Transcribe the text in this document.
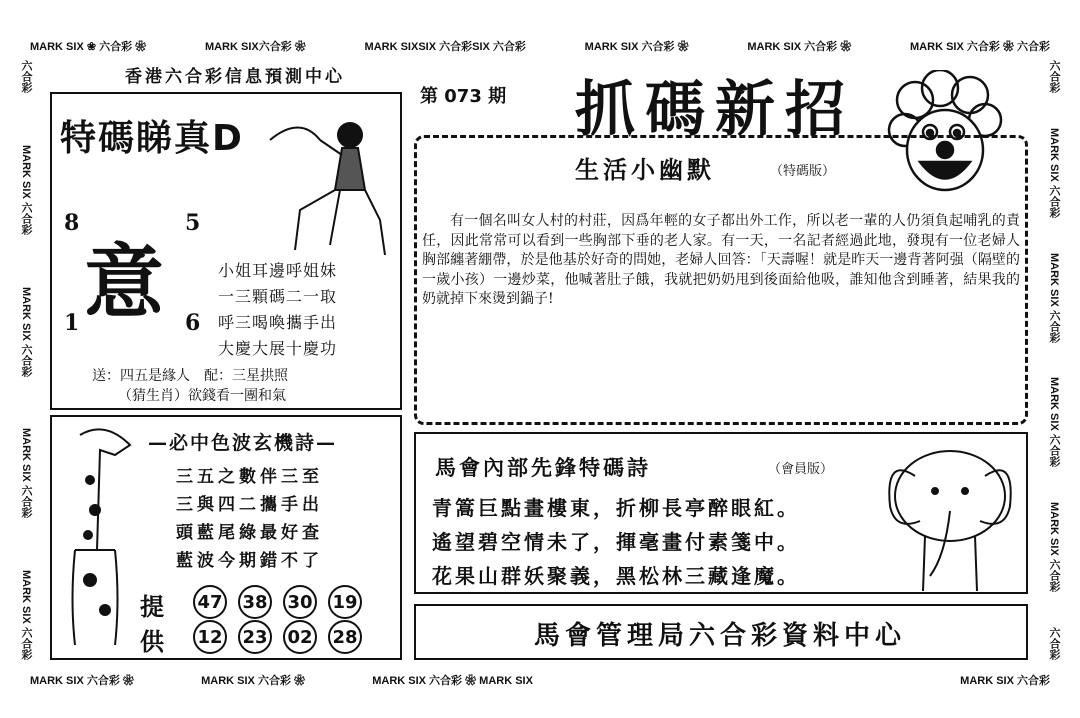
MARK SIX ❀ 六合彩 ❀	MARK SIX六合彩 ❀	MARK SIXSIX 六合彩SIX 六合彩	MARK SIX 六合彩 ❀	MARK SIX 六合彩 ❀	MARK SIX 六合彩 ❀ 六合彩
MARK SIX 六合彩 ❀	MARK SIX 六合彩 ❀	MARK SIX 六合彩 ❀ MARK SIX	MARK SIX 六合彩
六合彩
MARK SIX 六合彩
MARK SIX 六合彩
MARK SIX 六合彩
MARK SIX 六合彩
六合彩
MARK SIX 六合彩
MARK SIX 六合彩
MARK SIX 六合彩
MARK SIX 六合彩
六合彩
香港六合彩信息預測中心
第 073 期 抓碼新招
特碼睇真D
8	5
1	6
意	小姐耳邊呼姐妹
一三顆碼二一取
呼三喝喚攜手出
大慶大展十慶功
送：四五是緣人　配：三星拱照
（猜生肖）欲錢看一團和氣
生活小幽默	（特碼版）
有一個名叫女人村的村莊，因爲年輕的女子都出外工作，所以老一輩的人仍須負起哺乳的責任，因此常常可以看到一些胸部下垂的老人家。有一天，一名記者經過此地，發現有一位老婦人胸部纏著綳帶，於是他基於好奇的問她，老婦人回答：「天壽喔！就是昨天一邊背著阿强（隔壁的一歲小孩）一邊炒菜，他喊著肚子餓，我就把奶奶甩到後面給他吸，誰知他含到睡著，結果我的奶就掉下來燙到鍋子!
—必中色波玄機詩—
三五之數伴三至
三與四二攜手出
頭藍尾綠最好查
藍波今期錯不了
提
供
47 38 30 19
12 23 02 28
馬會內部先鋒特碼詩	（會員版）
青篙巨點畫樓東，折柳長亭醉眼紅。
遙望碧空情未了，揮毫畫付素箋中。
花果山群妖聚義，黑松林三藏逢魔。
馬會管理局六合彩資料中心
